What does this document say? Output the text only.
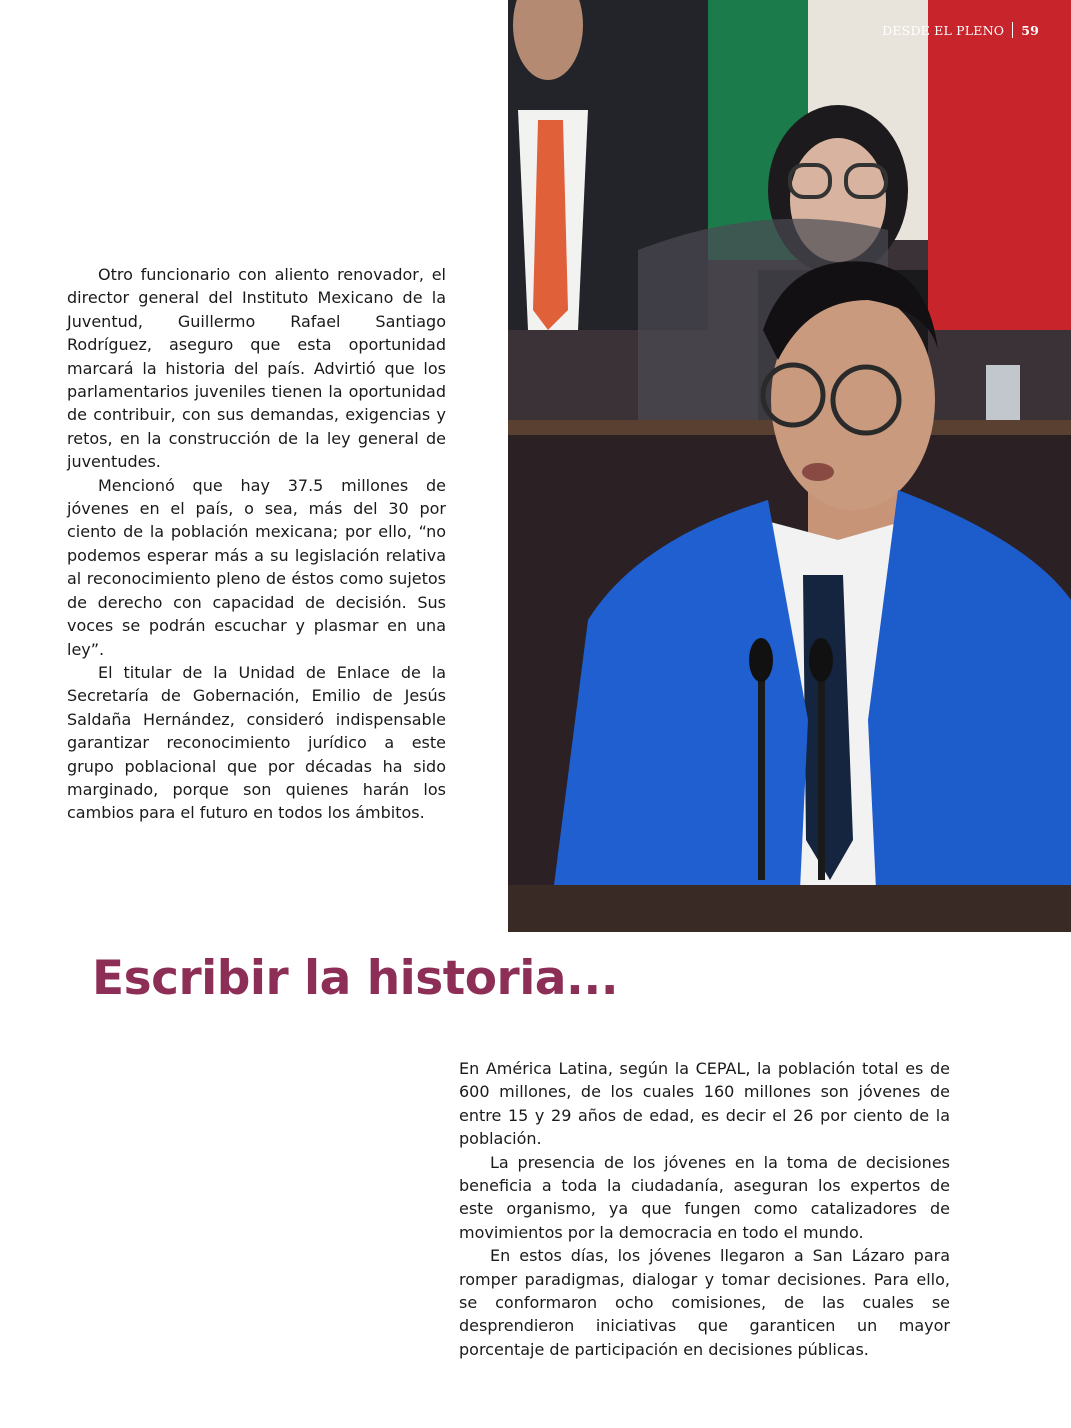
DESDE EL PLENO 59

Otro funcionario con aliento renovador, el director general del Instituto Mexicano de la Juventud, Guillermo Rafael Santiago Rodríguez, aseguro que esta oportunidad marcará la historia del país. Advirtió que los parlamentarios juveniles tienen la oportunidad de contribuir, con sus demandas, exigencias y retos, en la construcción de la ley general de juventudes.

Mencionó que hay 37.5 millones de jóvenes en el país, o sea, más del 30 por ciento de la población mexicana; por ello, “no podemos esperar más a su legislación relativa al reconocimiento pleno de éstos como sujetos de derecho con capacidad de decisión. Sus voces se podrán escuchar y plasmar en una ley”.

El titular de la Unidad de Enlace de la Secretaría de Gobernación, Emilio de Jesús Saldaña Hernández, consideró indispensable garantizar reconocimiento jurídico a este grupo poblacional que por décadas ha sido marginado, porque son quienes harán los cambios para el futuro en todos los ámbitos.

Escribir la historia...

En América Latina, según la CEPAL, la población total es de 600 millones, de los cuales 160 millones son jóvenes de entre 15 y 29 años de edad, es decir el 26 por ciento de la población.

La presencia de los jóvenes en la toma de decisiones beneficia a toda la ciudadanía, aseguran los expertos de este organismo, ya que fungen como catalizadores de movimientos por la democracia en todo el mundo.

En estos días, los jóvenes llegaron a San Lázaro para romper paradigmas, dialogar y tomar decisiones. Para ello, se conformaron ocho comisiones, de las cuales se desprendieron iniciativas que garanticen un mayor porcentaje de participación en decisiones públicas.
